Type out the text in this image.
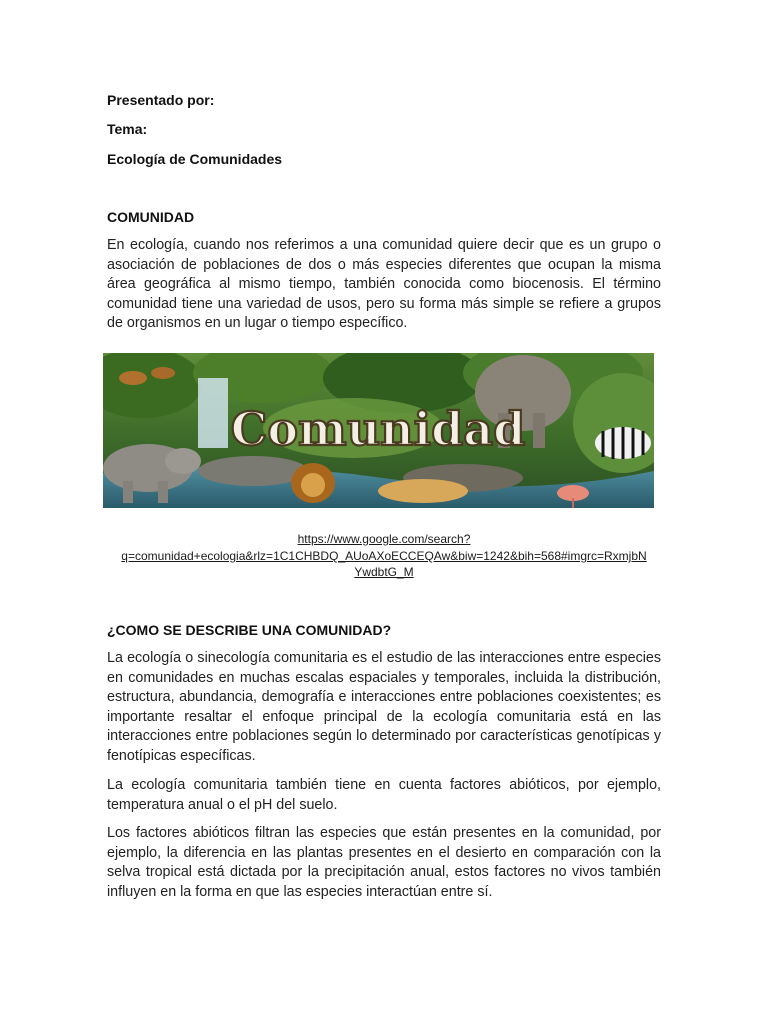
Presentado por:
Tema:
Ecología de Comunidades
COMUNIDAD

En ecología, cuando nos referimos a una comunidad quiere decir que es un grupo o asociación de poblaciones de dos o más especies diferentes que ocupan la misma área geográfica al mismo tiempo, también conocida como biocenosis. El término comunidad tiene una variedad de usos, pero su forma más simple se refiere a grupos de organismos en un lugar o tiempo específico.

¿COMO SE DESCRIBE UNA COMUNIDAD?

La ecología o sinecología comunitaria es el estudio de las interacciones entre especies en comunidades en muchas escalas espaciales y temporales, incluida la distribución, estructura, abundancia, demografía e interacciones entre poblaciones coexistentes; es importante resaltar el enfoque principal de la ecología comunitaria está en las interacciones entre poblaciones según lo determinado por características genotípicas y fenotípicas específicas.

La ecología comunitaria también tiene en cuenta factores abióticos, por ejemplo, temperatura anual o el pH del suelo.

Los factores abióticos filtran las especies que están presentes en la comunidad, por ejemplo, la diferencia en las plantas presentes en el desierto en comparación con la selva tropical está dictada por la precipitación anual, estos factores no vivos también influyen en la forma en que las especies interactúan entre sí.

Comunidad
https://www.google.com/search?
q=comunidad+ecologia&rlz=1C1CHBDQ_AUoAXoECCEQAw&biw=1242&bih=568#imgrc=RxmjbN
YwdbtG_M
